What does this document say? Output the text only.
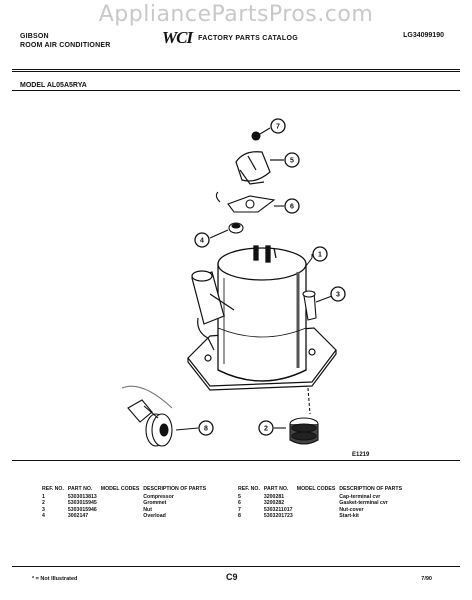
AppliancePartsPros.com
GIBSON
ROOM AIR CONDITIONER	WCI FACTORY PARTS CATALOG	LG34099190
MODEL AL05A5RYA
7
5
6
4
1
3
2
8
E1219
REF. NO.	PART NO.	MODEL CODES	DESCRIPTION OF PARTS
1	5303013813		Compressor
2	5303015945		Grommet
3	5303015946		Nut
4	3002147		Overload
REF. NO.	PART NO.	MODEL CODES	DESCRIPTION OF PARTS
5	3200281		Cap-terminal cvr
6	3200282		Gasket-terminal cvr
7	5303211017		Nut-cover
8	5303201723		Start-kit
* = Not Illustrated	C9	7/90
